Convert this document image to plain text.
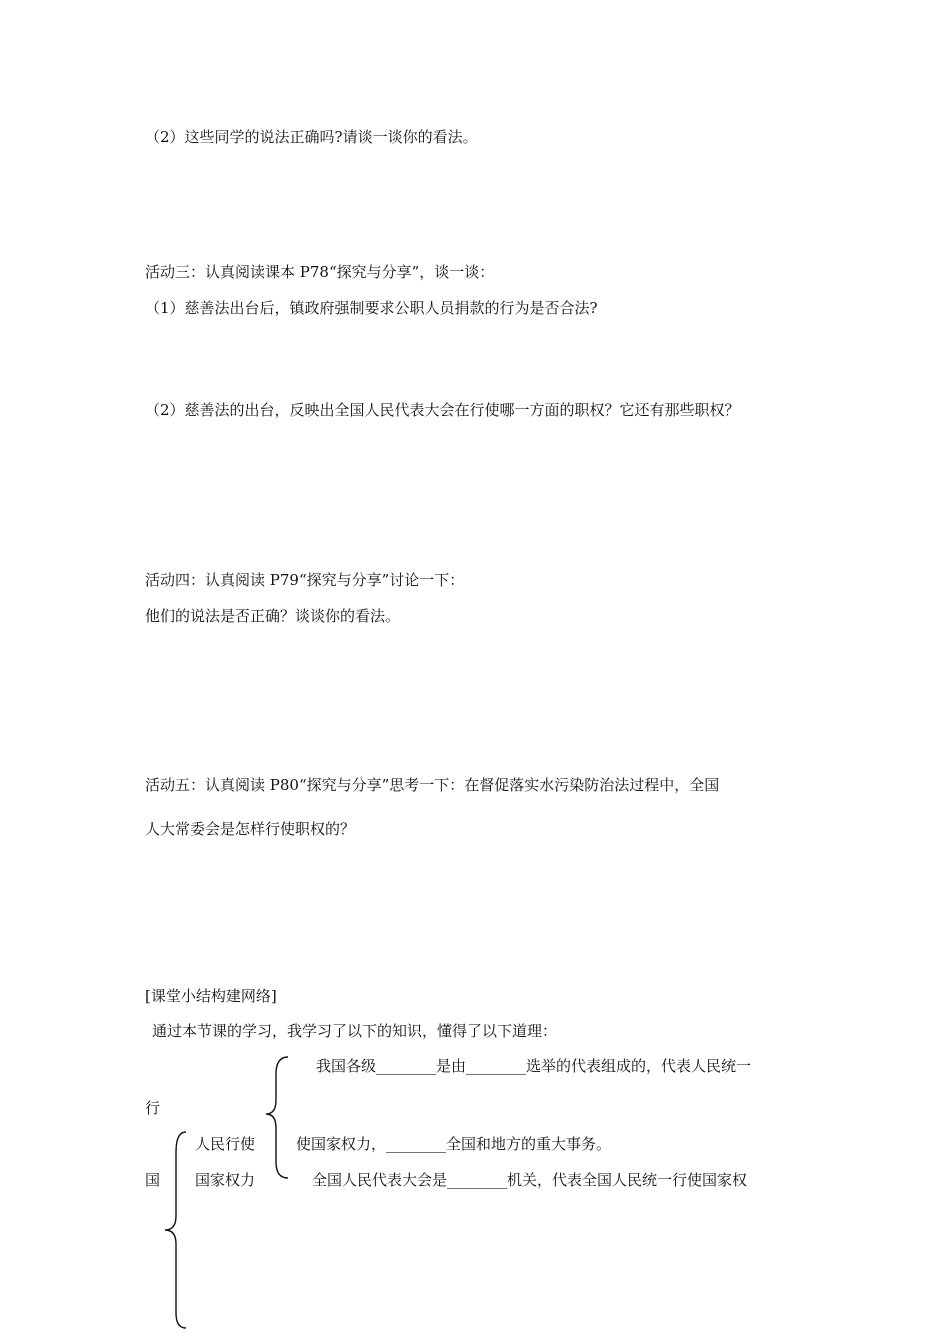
（2）这些同学的说法正确吗?请谈一谈你的看法。
活动三：认真阅读课本 P78“探究与分享”，谈一谈：
（1）慈善法出台后，镇政府强制要求公职人员捐款的行为是否合法?
（2）慈善法的出台，反映出全国人民代表大会在行使哪一方面的职权？它还有那些职权？
活动四：认真阅读 P79“探究与分享”讨论一下：
他们的说法是否正确？谈谈你的看法。
活动五：认真阅读 P80“探究与分享”思考一下：在督促落实水污染防治法过程中，全国
人大常委会是怎样行使职权的？
[课堂小结构建网络]
通过本节课的学习，我学习了以下的知识，懂得了以下道理：
我国各级________是由________选举的代表组成的，代表人民统一
行
人民行使	使国家权力，________全国和地方的重大事务。
国 国家权力	全国人民代表大会是________机关，代表全国人民统一行使国家权
